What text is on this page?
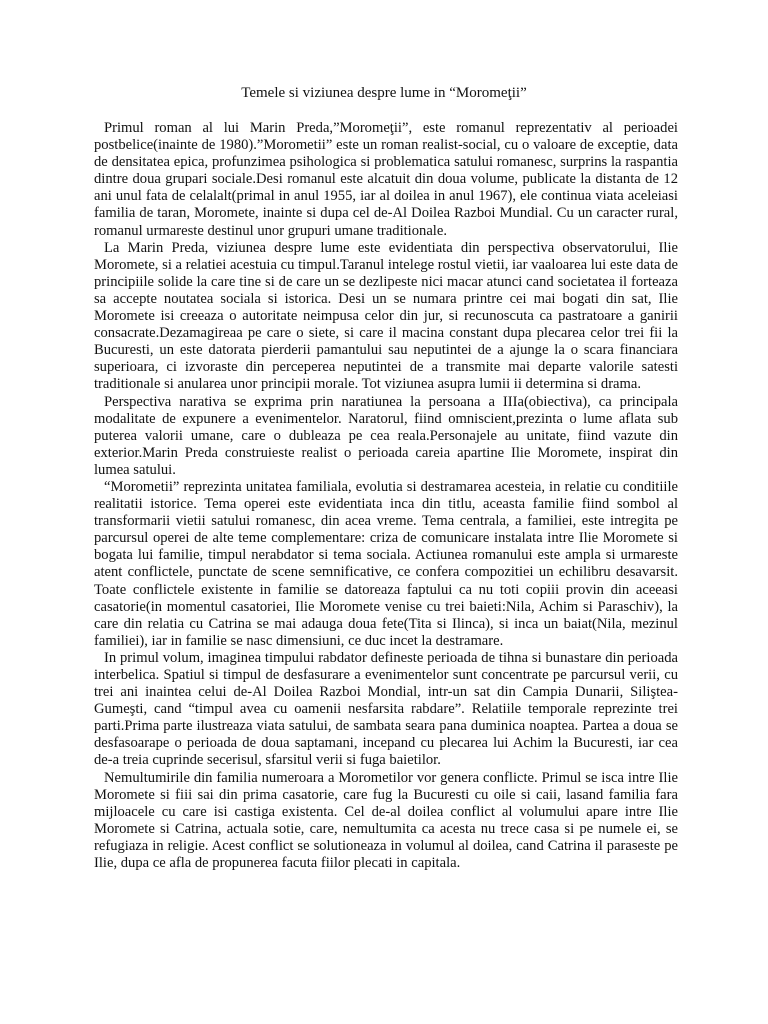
Temele si viziunea despre lume in “Moromeţii”

Primul roman al lui Marin Preda,”Moromeţii”, este romanul reprezentativ al perioadei postbelice(inainte de 1980).”Morometii” este un roman realist-social, cu o valoare de exceptie, data de densitatea epica, profunzimea psihologica si problematica satului romanesc, surprins la raspantia dintre doua grupari sociale.Desi romanul este alcatuit din doua volume, publicate la distanta de 12 ani unul fata de celalalt(primal in anul 1955, iar al doilea in anul 1967), ele continua viata aceleiasi familia de taran, Moromete, inainte si dupa cel de-Al Doilea Razboi Mundial. Cu un caracter rural, romanul urmareste destinul unor grupuri umane traditionale.

La Marin Preda, viziunea despre lume este evidentiata din perspectiva observatorului, Ilie Moromete, si a relatiei acestuia cu timpul.Taranul intelege rostul vietii, iar vaaloarea lui este data de principiile solide la care tine si de care un se dezlipeste nici macar atunci cand societatea il forteaza sa accepte noutatea sociala si istorica. Desi un se numara printre cei mai bogati din sat, Ilie Moromete isi creeaza o autoritate neimpusa celor din jur, si recunoscuta ca pastratoare a ganirii consacrate.Dezamagireaa pe care o siete, si care il macina constant dupa plecarea celor trei fii la Bucuresti, un este datorata pierderii pamantului sau neputintei de a ajunge la o scara financiara superioara, ci izvoraste din perceperea neputintei de a transmite mai departe valorile satesti traditionale si anularea unor principii morale. Tot viziunea asupra lumii ii determina si drama.

Perspectiva narativa se exprima prin naratiunea la persoana a IIIa(obiectiva), ca principala modalitate de expunere a evenimentelor. Naratorul, fiind omniscient,prezinta o lume aflata sub puterea valorii umane, care o dubleaza pe cea reala.Personajele au unitate, fiind vazute din exterior.Marin Preda construieste realist o perioada careia apartine Ilie Moromete, inspirat din lumea satului.

“Morometii” reprezinta unitatea familiala, evolutia si destramarea acesteia, in relatie cu conditiile realitatii istorice. Tema operei este evidentiata inca din titlu, aceasta familie fiind sombol al transformarii vietii satului romanesc, din acea vreme. Tema centrala, a familiei, este intregita pe parcursul operei de alte teme complementare: criza de comunicare instalata intre Ilie Moromete si bogata lui familie, timpul nerabdator si tema sociala. Actiunea romanului este ampla si urmareste atent conflictele, punctate de scene semnificative, ce confera compozitiei un echilibru desavarsit. Toate conflictele existente in familie se datoreaza faptului ca nu toti copiii provin din aceeasi casatorie(in momentul casatoriei, Ilie Moromete venise cu trei baieti:Nila, Achim si Paraschiv), la care din relatia cu Catrina se mai adauga doua fete(Tita si Ilinca), si inca un baiat(Nila, mezinul familiei), iar in familie se nasc dimensiuni, ce duc incet la destramare.

In primul volum, imaginea timpului rabdator defineste perioada de tihna si bunastare din perioada interbelica. Spatiul si timpul de desfasurare a evenimentelor sunt concentrate pe parcursul verii, cu trei ani inaintea celui de-Al Doilea Razboi Mondial, intr-un sat din Campia Dunarii, Siliştea-Gumeşti, cand “timpul avea cu oamenii nesfarsita rabdare”. Relatiile temporale reprezinte trei parti.Prima parte ilustreaza viata satului, de sambata seara pana duminica noaptea. Partea a doua se desfasoarape o perioada de doua saptamani, incepand cu plecarea lui Achim la Bucuresti, iar cea de-a treia cuprinde secerisul, sfarsitul verii si fuga baietilor.

Nemultumirile din familia numeroara a Morometilor vor genera conflicte. Primul se isca intre Ilie Moromete si fiii sai din prima casatorie, care fug la Bucuresti cu oile si caii, lasand familia fara mijloacele cu care isi castiga existenta. Cel de-al doilea conflict al volumului apare intre Ilie Moromete si Catrina, actuala sotie, care, nemultumita ca acesta nu trece casa si pe numele ei, se refugiaza in religie. Acest conflict se solutioneaza in volumul al doilea, cand Catrina il paraseste pe Ilie, dupa ce afla de propunerea facuta fiilor plecati in capitala.
